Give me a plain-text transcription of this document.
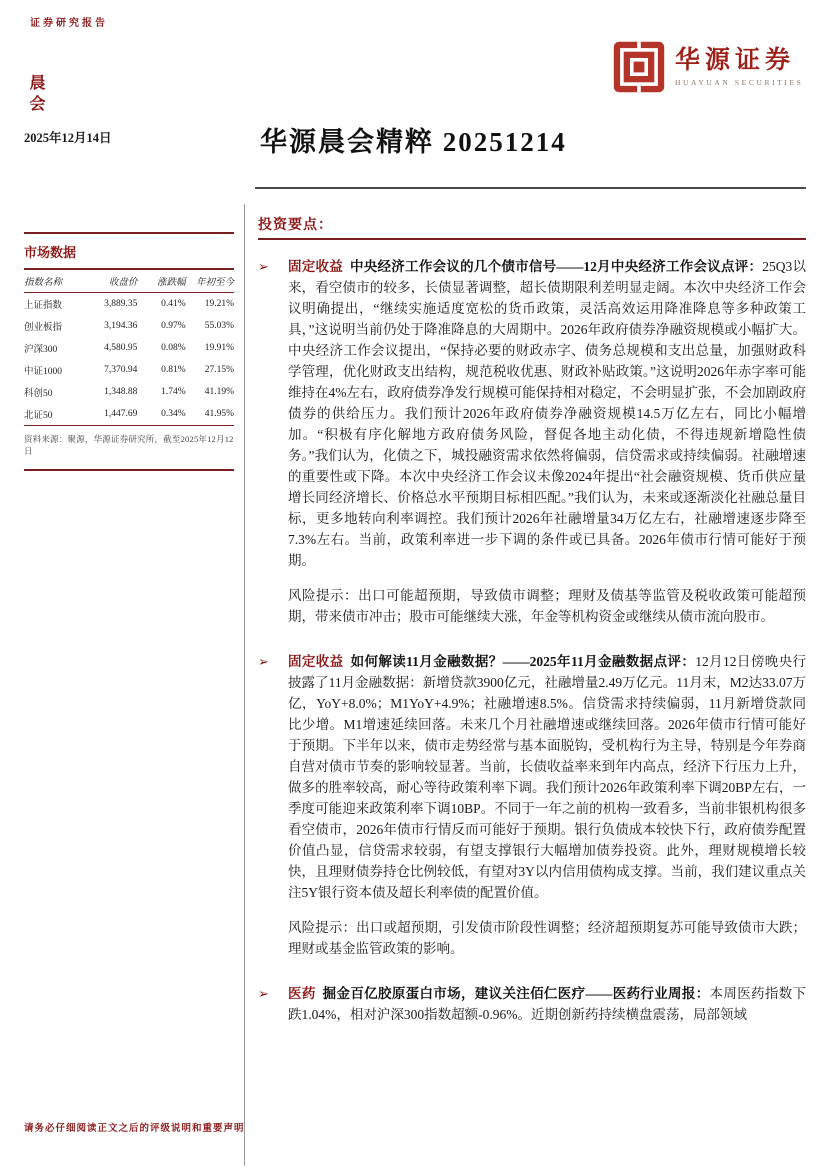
证券研究报告
华源证券
HUAYUAN SECURITIES
晨会
2025年12月14日	华源晨会精粹 20251214
市场数据
指数名称	收盘价	涨跌幅	年初至今
上证指数	3,889.35	0.41%	19.21%
创业板指	3,194.36	0.97%	55.03%
沪深300	4,580.95	0.08%	19.91%
中证1000	7,370.94	0.81%	27.15%
科创50	1,348.88	1.74%	41.19%
北证50	1,447.69	0.34%	41.95%
资料来源：聚源，华源证券研究所，截至2025年12月12日
投资要点：
➢	固定收益 中央经济工作会议的几个债市信号——12月中央经济工作会议点评：25Q3以来，看空债市的较多，长债显著调整，超长债期限利差明显走阔。本次中央经济工作会议明确提出，“继续实施适度宽松的货币政策，灵活高效运用降准降息等多种政策工具，”这说明当前仍处于降准降息的大周期中。2026年政府债券净融资规模或小幅扩大。中央经济工作会议提出，“保持必要的财政赤字、债务总规模和支出总量，加强财政科学管理，优化财政支出结构，规范税收优惠、财政补贴政策。”这说明2026年赤字率可能维持在4%左右，政府债券净发行规模可能保持相对稳定，不会明显扩张，不会加剧政府债券的供给压力。我们预计2026年政府债券净融资规模14.5万亿左右，同比小幅增加。“积极有序化解地方政府债务风险，督促各地主动化债，不得违规新增隐性债务。”我们认为，化债之下，城投融资需求依然将偏弱，信贷需求或持续偏弱。社融增速的重要性或下降。本次中央经济工作会议未像2024年提出“社会融资规模、货币供应量增长同经济增长、价格总水平预期目标相匹配。”我们认为，未来或逐渐淡化社融总量目标，更多地转向利率调控。我们预计2026年社融增量34万亿左右，社融增速逐步降至7.3%左右。当前，政策利率进一步下调的条件或已具备。2026年债市行情可能好于预期。
风险提示：出口可能超预期，导致债市调整；理财及债基等监管及税收政策可能超预期，带来债市冲击；股市可能继续大涨，年金等机构资金或继续从债市流向股市。
➢	固定收益 如何解读11月金融数据？——2025年11月金融数据点评：12月12日傍晚央行披露了11月金融数据：新增贷款3900亿元，社融增量2.49万亿元。11月末，M2达33.07万亿，YoY+8.0%；M1YoY+4.9%；社融增速8.5%。信贷需求持续偏弱，11月新增贷款同比少增。M1增速延续回落。未来几个月社融增速或继续回落。2026年债市行情可能好于预期。下半年以来，债市走势经常与基本面脱钩，受机构行为主导，特别是今年券商自营对债市节奏的影响较显著。当前，长债收益率来到年内高点，经济下行压力上升，做多的胜率较高，耐心等待政策利率下调。我们预计2026年政策利率下调20BP左右，一季度可能迎来政策利率下调10BP。不同于一年之前的机构一致看多，当前非银机构很多看空债市，2026年债市行情反而可能好于预期。银行负债成本较快下行，政府债券配置价值凸显，信贷需求较弱，有望支撑银行大幅增加债券投资。此外，理财规模增长较快，且理财债券持仓比例较低，有望对3Y以内信用债构成支撑。当前，我们建议重点关注5Y银行资本债及超长利率债的配置价值。
风险提示：出口或超预期，引发债市阶段性调整；经济超预期复苏可能导致债市大跌；理财或基金监管政策的影响。
➢	医药 掘金百亿胶原蛋白市场，建议关注佰仁医疗——医药行业周报：本周医药指数下跌1.04%，相对沪深300指数超额-0.96%。近期创新药持续横盘震荡，局部领域
请务必仔细阅读正文之后的评级说明和重要声明
